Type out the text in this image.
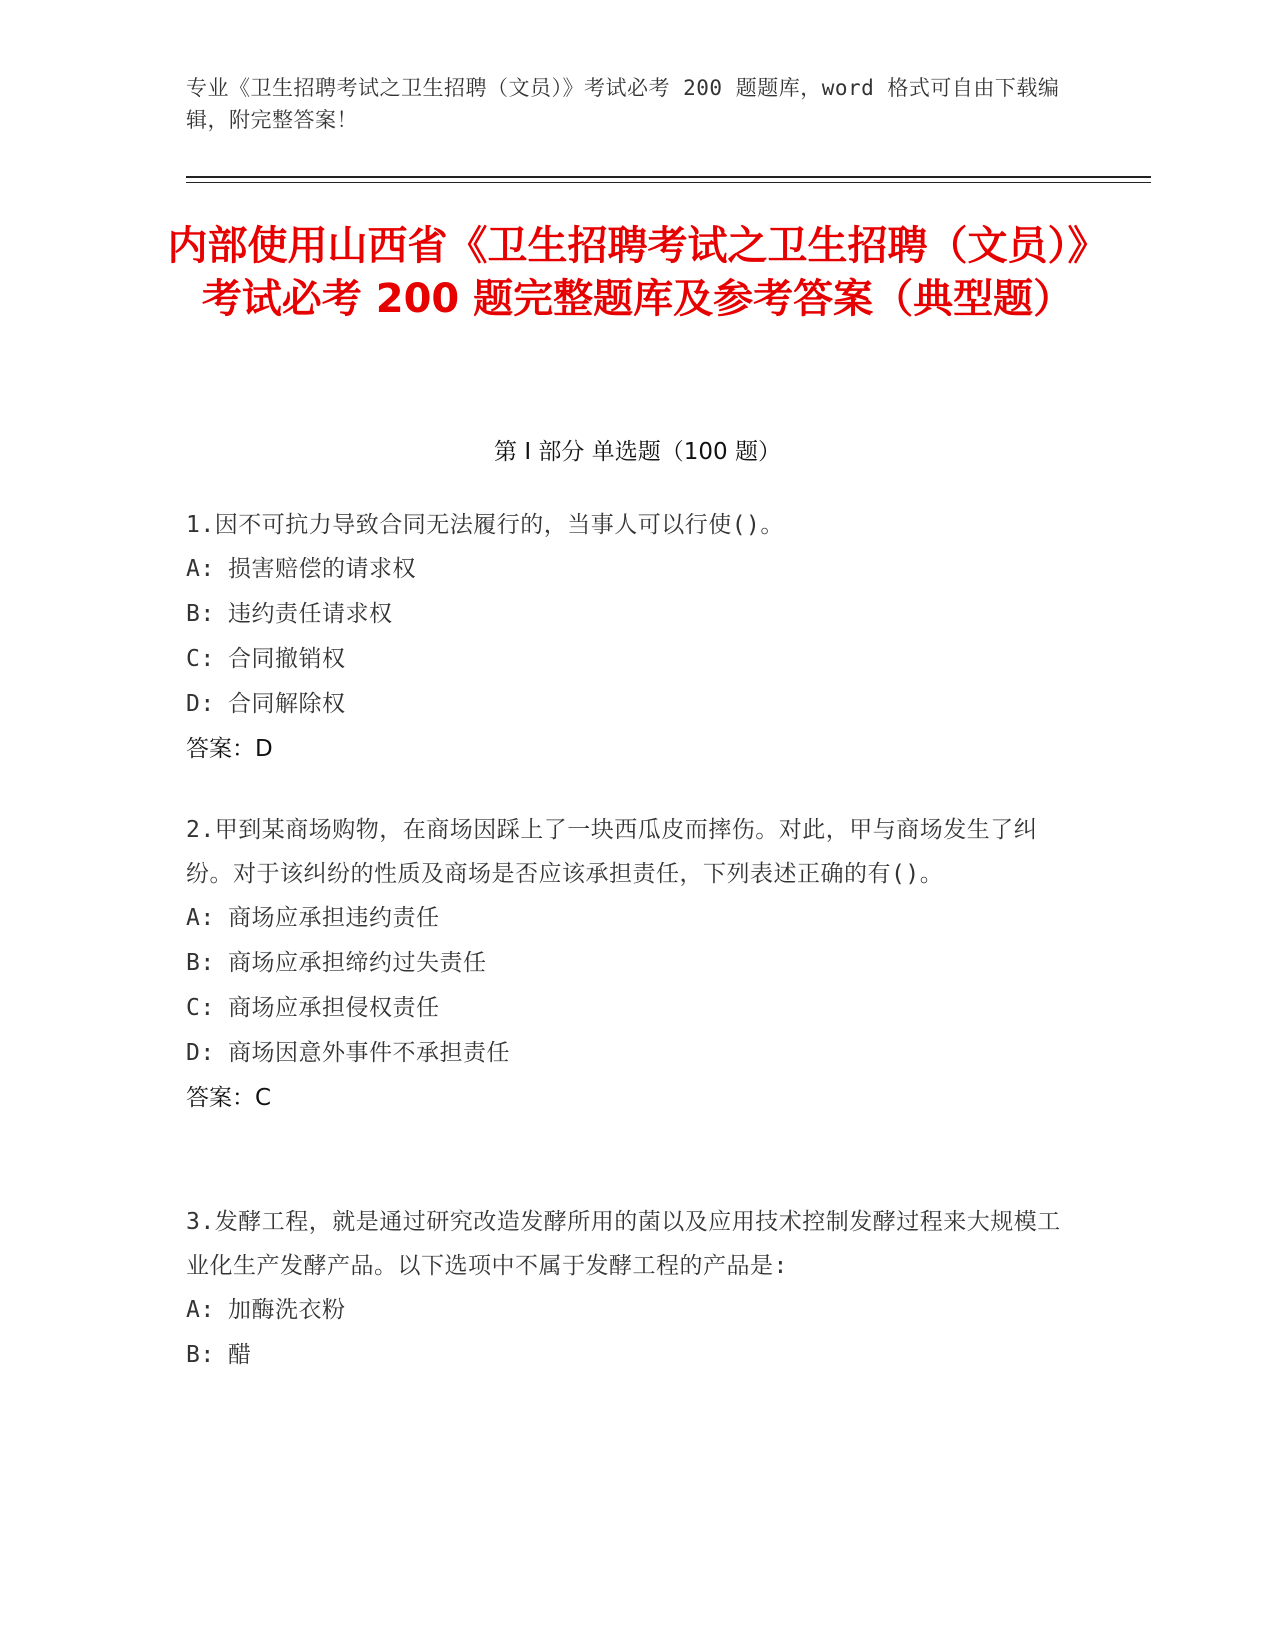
专业《卫生招聘考试之卫生招聘（文员）》考试必考 200 题题库，word 格式可自由下载编辑，附完整答案！
内部使用山西省《卫生招聘考试之卫生招聘（文员）》考试必考 200 题完整题库及参考答案（典型题）
第 I 部分 单选题（100 题）
1.因不可抗力导致合同无法履行的，当事人可以行使()。
A: 损害赔偿的请求权
B: 违约责任请求权
C: 合同撤销权
D: 合同解除权
答案：D
2.甲到某商场购物，在商场因踩上了一块西瓜皮而摔伤。对此，甲与商场发生了纠纷。对于该纠纷的性质及商场是否应该承担责任，下列表述正确的有()。
A: 商场应承担违约责任
B: 商场应承担缔约过失责任
C: 商场应承担侵权责任
D: 商场因意外事件不承担责任
答案：C
3.发酵工程，就是通过研究改造发酵所用的菌以及应用技术控制发酵过程来大规模工业化生产发酵产品。以下选项中不属于发酵工程的产品是:
A: 加酶洗衣粉
B: 醋
